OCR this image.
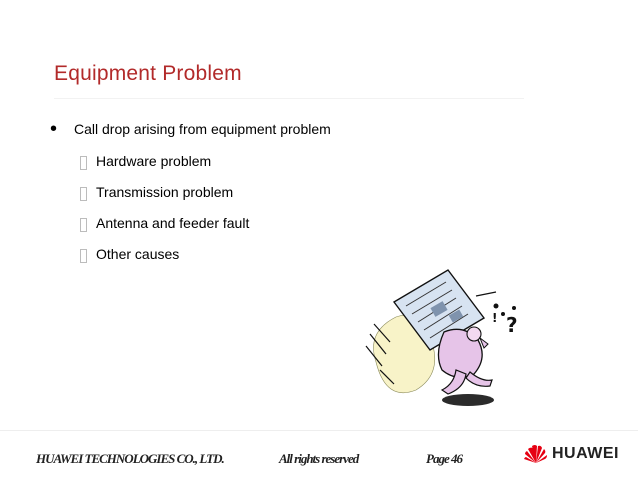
Equipment Problem
• Call drop arising from equipment problem
Hardware problem
Transmission problem
Antenna and feeder fault
Other causes
?
!
HUAWEI TECHNOLOGIES CO., LTD.	All rights reserved	Page 46	HUAWEI
